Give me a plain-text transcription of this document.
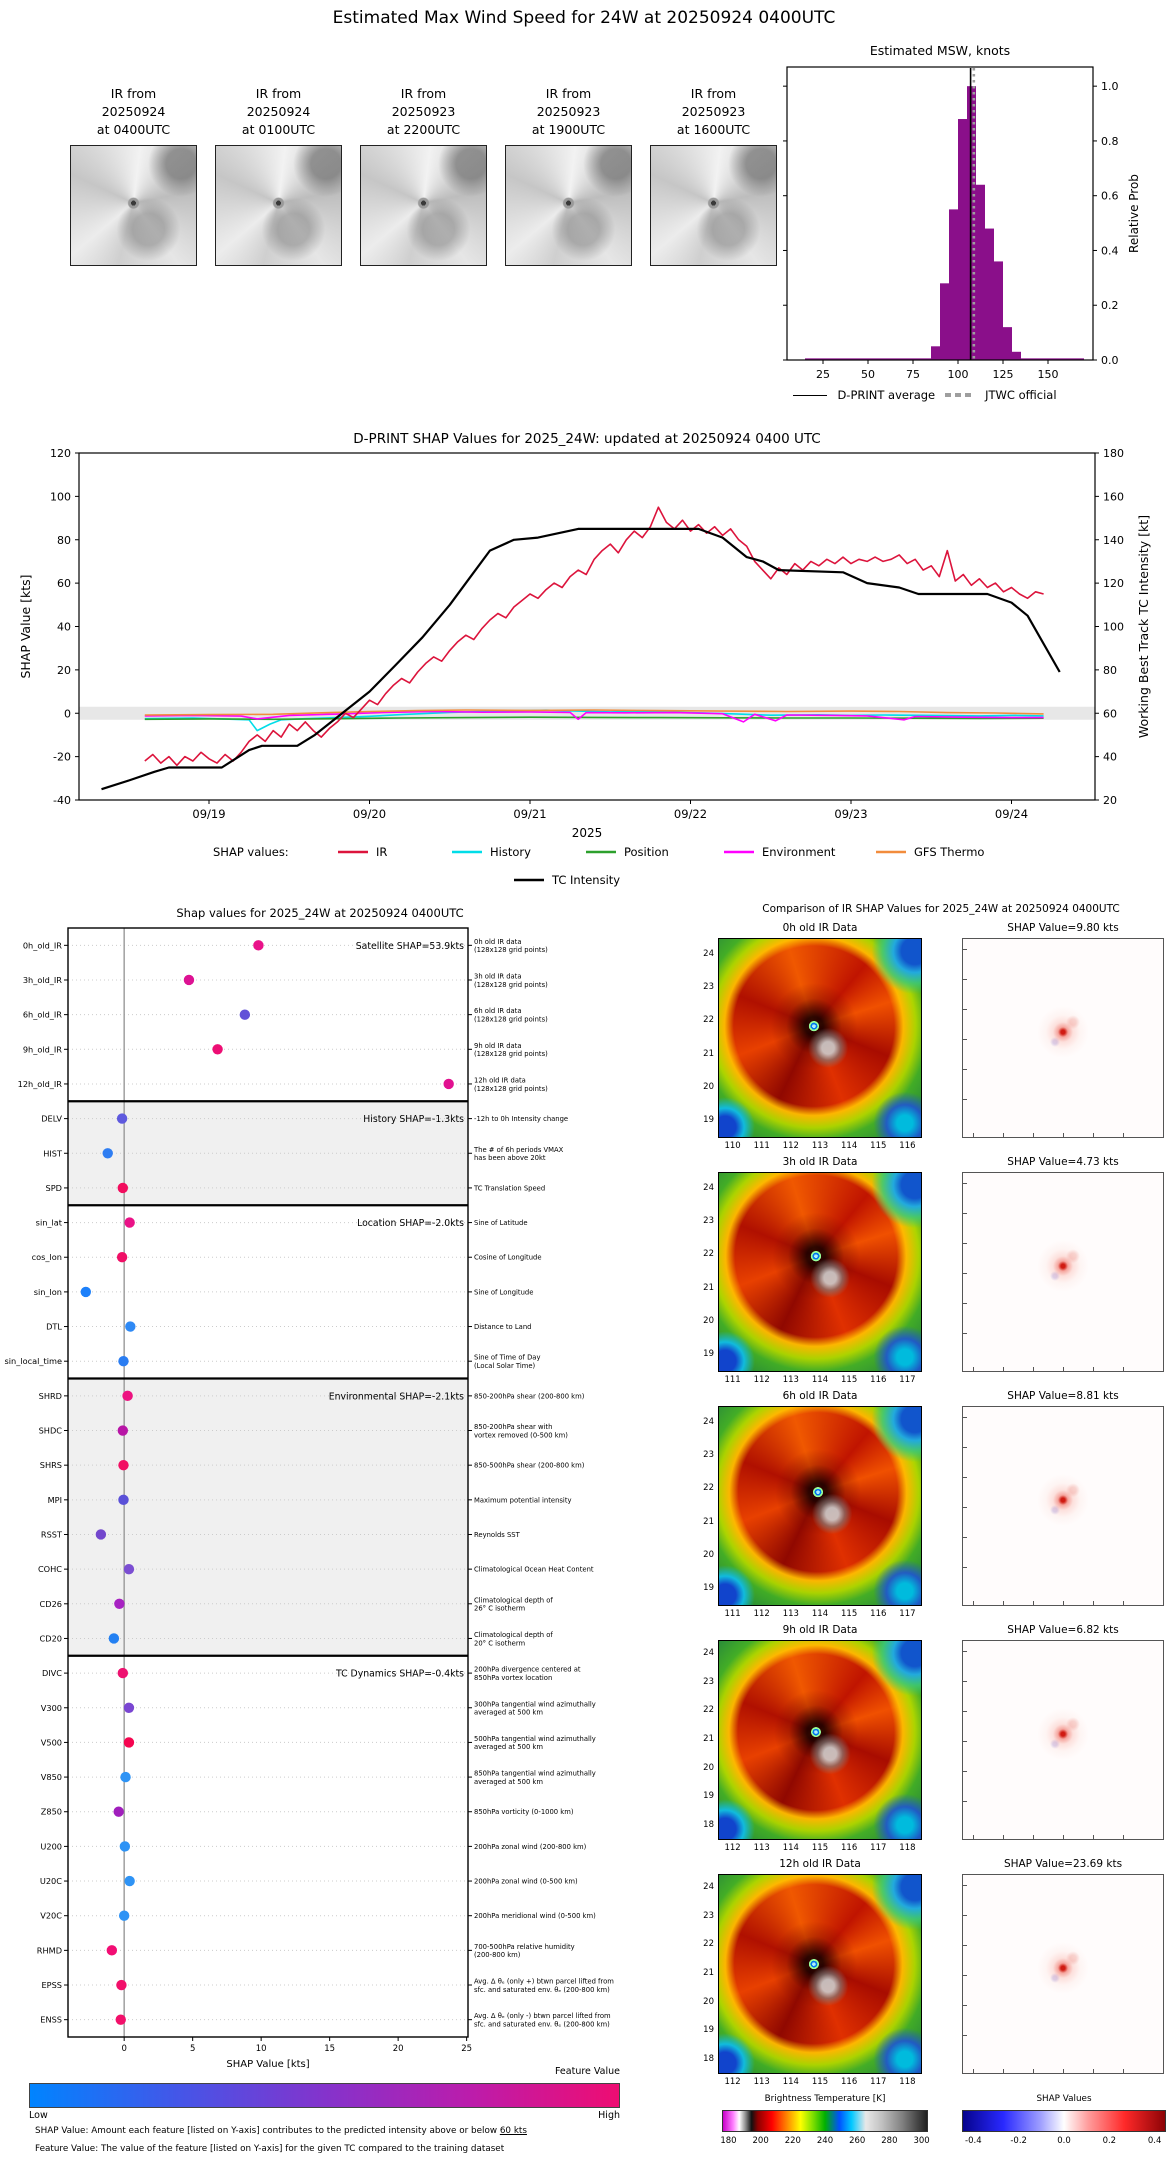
Estimated Max Wind Speed for 24W at 20250924 0400UTC
IR from
20250924
at 0400UTC
IR from
20250924
at 0100UTC
IR from
20250923
at 2200UTC
IR from
20250923
at 1900UTC
IR from
20250923
at 1600UTC
Estimated MSW, knots
0.0
0.2
0.4
0.6
0.8
1.0
25	50	75	100 125 150
Relative Prob
D-PRINT average	JTWC official
D-PRINT SHAP Values for 2025_24W: updated at 20250924 0400 UTC
-40
-20
0
20
40
60
80
100
120
20
40
60
80
100
120
140
160
180
09/19	09/20	09/21	09/22	09/23	09/24
2025
SHAP Value [kts]	Working Best Track TC Intensity [kt]
SHAP values:	IR	History	Position	Environment	GFS Thermo
TC Intensity
Shap values for 2025_24W at 20250924 0400UTC
0h_old_IR	0h old IR data
(128x128 grid points)
3h_old_IR	3h old IR data
(128x128 grid points)
6h_old_IR	6h old IR data
(128x128 grid points)
9h_old_IR	9h old IR data
(128x128 grid points)
12h_old_IR	12h old IR data
(128x128 grid points)
DELV	-12h to 0h Intensity change
HIST	The # of 6h periods VMAX
has been above 20kt
SPD	TC Translation Speed
sin_lat	Sine of Latitude
cos_lon	Cosine of Longitude
sin_lon	Sine of Longitude
DTL	Distance to Land
sin_local_time	Sine of Time of Day
(Local Solar Time)
SHRD	850-200hPa shear (200-800 km)
SHDC	850-200hPa shear with
vortex removed (0-500 km)
SHRS	850-500hPa shear (200-800 km)
MPI	Maximum potential intensity
RSST	Reynolds SST
COHC	Climatological Ocean Heat Content
CD26	Climatological depth of
26° C isotherm
CD20	Climatological depth of
20° C isotherm
DIVC	200hPa divergence centered at
850hPa vortex location
V300	300hPa tangential wind azimuthally
averaged at 500 km
V500	500hPa tangential wind azimuthally
averaged at 500 km
V850	850hPa tangential wind azimuthally
averaged at 500 km
Z850	850hPa vorticity (0-1000 km)
U200	200hPa zonal wind (200-800 km)
U20C	200hPa zonal wind (0-500 km)
V20C	200hPa meridional wind (0-500 km)
RHMD	700-500hPa relative humidity
(200-800 km)
EPSS	Avg. Δ θₑ (only +) btwn parcel lifted from
sfc. and saturated env. θₑ (200-800 km)
ENSS	Avg. Δ θₑ (only -) btwn parcel lifted from
sfc. and saturated env. θₑ (200-800 km)
Satellite SHAP=53.9kts
History SHAP=-1.3kts
Location SHAP=-2.0kts
Environmental SHAP=-2.1kts
TC Dynamics SHAP=-0.4kts
0	5	10	15	20	25
SHAP Value [kts]
Feature Value
Low	High
SHAP Value: Amount each feature [listed on Y-axis] contributes to the predicted intensity above or below 60 kts
Feature Value: The value of the feature [listed on Y-axis] for the given TC compared to the training dataset
Comparison of IR SHAP Values for 2025_24W at 20250924 0400UTC
0h old IR Data
24
23
22
21
20
19
110	111	112	113	114	115	116
SHAP Value=9.80 kts
3h old IR Data
24
23
22
21
20
19
111	112	113	114	115	116	117
SHAP Value=4.73 kts
6h old IR Data
24
23
22
21
20
19
111	112	113	114	115	116	117
SHAP Value=8.81 kts
9h old IR Data
24
23
22
21
20
19
18
112	113	114	115	116	117	118
SHAP Value=6.82 kts
12h old IR Data
24
23
22
21
20
19
18
112	113	114	115	116	117	118
SHAP Value=23.69 kts
Brightness Temperature [K]
180	200	220	240	260	280	300
SHAP Values
-0.4	-0.2	0.0	0.2	0.4
